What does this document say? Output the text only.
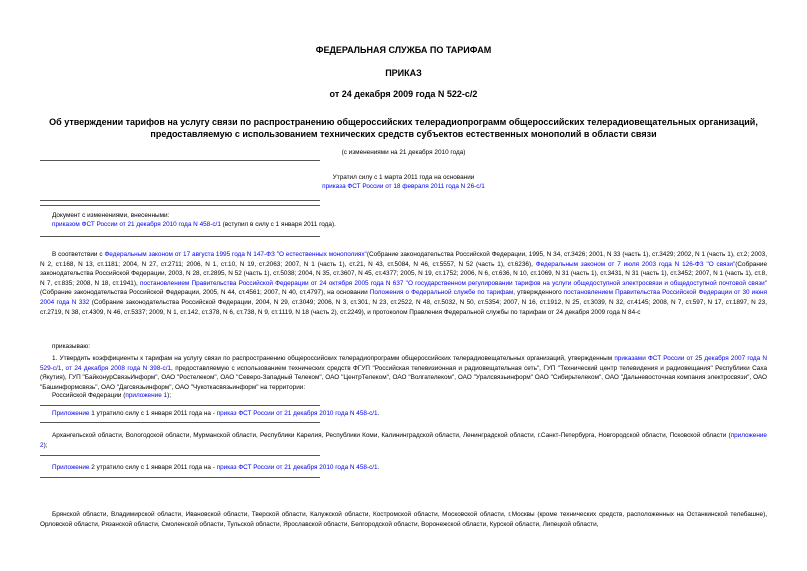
ФЕДЕРАЛЬНАЯ СЛУЖБА ПО ТАРИФАМ
ПРИКАЗ
от 24 декабря 2009 года N 522-с/2
Об утверждении тарифов на услугу связи по распространению общероссийских телерадиопрограмм общероссийских телерадиовещательных организаций,
предоставляемую с использованием технических средств субъектов естественных монополий в области связи
(с изменениями на 21 декабря 2010 года)
Утратил силу с 1 марта 2011 года на основании
приказа ФСТ России от 18 февраля 2011 года N 26-с/1
Документ с изменениями, внесенными:
приказом ФСТ России от 21 декабря 2010 года N 458-с/1 (вступил в силу с 1 января 2011 года).
В соответствии с Федеральным законом от 17 августа 1995 года N 147-ФЗ "О естественных монополиях"(Собрание законодательства Российской Федерации, 1995, N 34, ст.3426; 2001, N 33 (часть 1), ст.3429; 2002, N 1 (часть 1), ст.2; 2003, N 2, ст.168, N 13, ст.1181; 2004, N 27, ст.2711; 2006, N 1, ст.10, N 19, ст.2063; 2007, N 1 (часть 1), ст.21, N 43, ст.5084, N 46, ст.5557, N 52 (часть 1), ст.6236), Федеральным законом от 7 июля 2003 года N 126-ФЗ "О связи"(Собрание законодательства Российской Федерации, 2003, N 28, ст.2895, N 52 (часть 1), ст.5038; 2004, N 35, ст.3607, N 45, ст.4377; 2005, N 19, ст.1752; 2006, N 6, ст.636, N 10, ст.1069, N 31 (часть 1), ст.3431, N 31 (часть 1), ст.3452; 2007, N 1 (часть 1), ст.8, N 7, ст.835; 2008, N 18, ст.1941), постановлением Правительства Российской Федерации от 24 октября 2005 года N 637 "О государственном регулировании тарифов на услуги общедоступной электросвязи и общедоступной почтовой связи" (Собрание законодательства Российской Федерации, 2005, N 44, ст.4561; 2007, N 40, ст.4797), на основании Положения о Федеральной службе по тарифам, утвержденного постановлением Правительства Российской Федерации от 30 июня 2004 года N 332 (Собрание законодательства Российской Федерации, 2004, N 29, ст.3049; 2006, N 3, ст.301, N 23, ст.2522, N 48, ст.5032, N 50, ст.5354; 2007, N 16, ст.1912, N 25, ст.3039, N 32, ст.4145; 2008, N 7, ст.597, N 17, ст.1897, N 23, ст.2719, N 38, ст.4309, N 46, ст.5337; 2009, N 1, ст.142, ст.378, N 6, ст.738, N 9, ст.1119, N 18 (часть 2), ст.2249), и протоколом Правления Федеральной службы по тарифам от 24 декабря 2009 года N 84-с
приказываю:
1. Утвердить коэффициенты к тарифам на услугу связи по распространению общероссийских телерадиопрограмм общероссийских телерадиовещательных организаций, утвержденным приказами ФСТ России от 25 декабря 2007 года N 529-с/1, от 24 декабря 2008 года N 398-с/1, предоставляемую с использованием технических средств ФГУП "Российская телевизионная и радиовещательная сеть", ГУП "Технический центр телевидения и радиовещания" Республики Саха (Якутия), ГУП "БайконурСвязьИнформ", ОАО "Ростелеком", ОАО "Северо-Западный Телеком", ОАО "ЦентрТелеком", ОАО "Волгателеком", ОАО "Уралсвязьинформ" ОАО "Сибирьтелеком", ОАО "Дальневосточная компания электросвязи", ОАО "Башинформсвязь", ОАО "Дагсвязьинформ", ОАО "Чукоткасвязьинформ" на территории:
Российской Федерации (приложение 1);
Приложение 1 утратило силу с 1 января 2011 года на - приказ ФСТ России от 21 декабря 2010 года N 458-с/1.
Архангельской области, Вологодской области, Мурманской области, Республики Карелия, Республики Коми, Калининградской области, Ленинградской области, г.Санкт-Петербурга, Новгородской области, Псковской области (приложение 2);
Приложение 2 утратило силу с 1 января 2011 года на - приказ ФСТ России от 21 декабря 2010 года N 458-с/1.
Брянской области, Владимирской области, Ивановской области, Тверской области, Калужской области, Костромской области, Московской области, г.Москвы (кроме технических средств, расположенных на Останкинской телебашне), Орловской области, Рязанской области, Смоленской области, Тульской области, Ярославской области, Белгородской области, Воронежской области, Курской области, Липецкой области,
